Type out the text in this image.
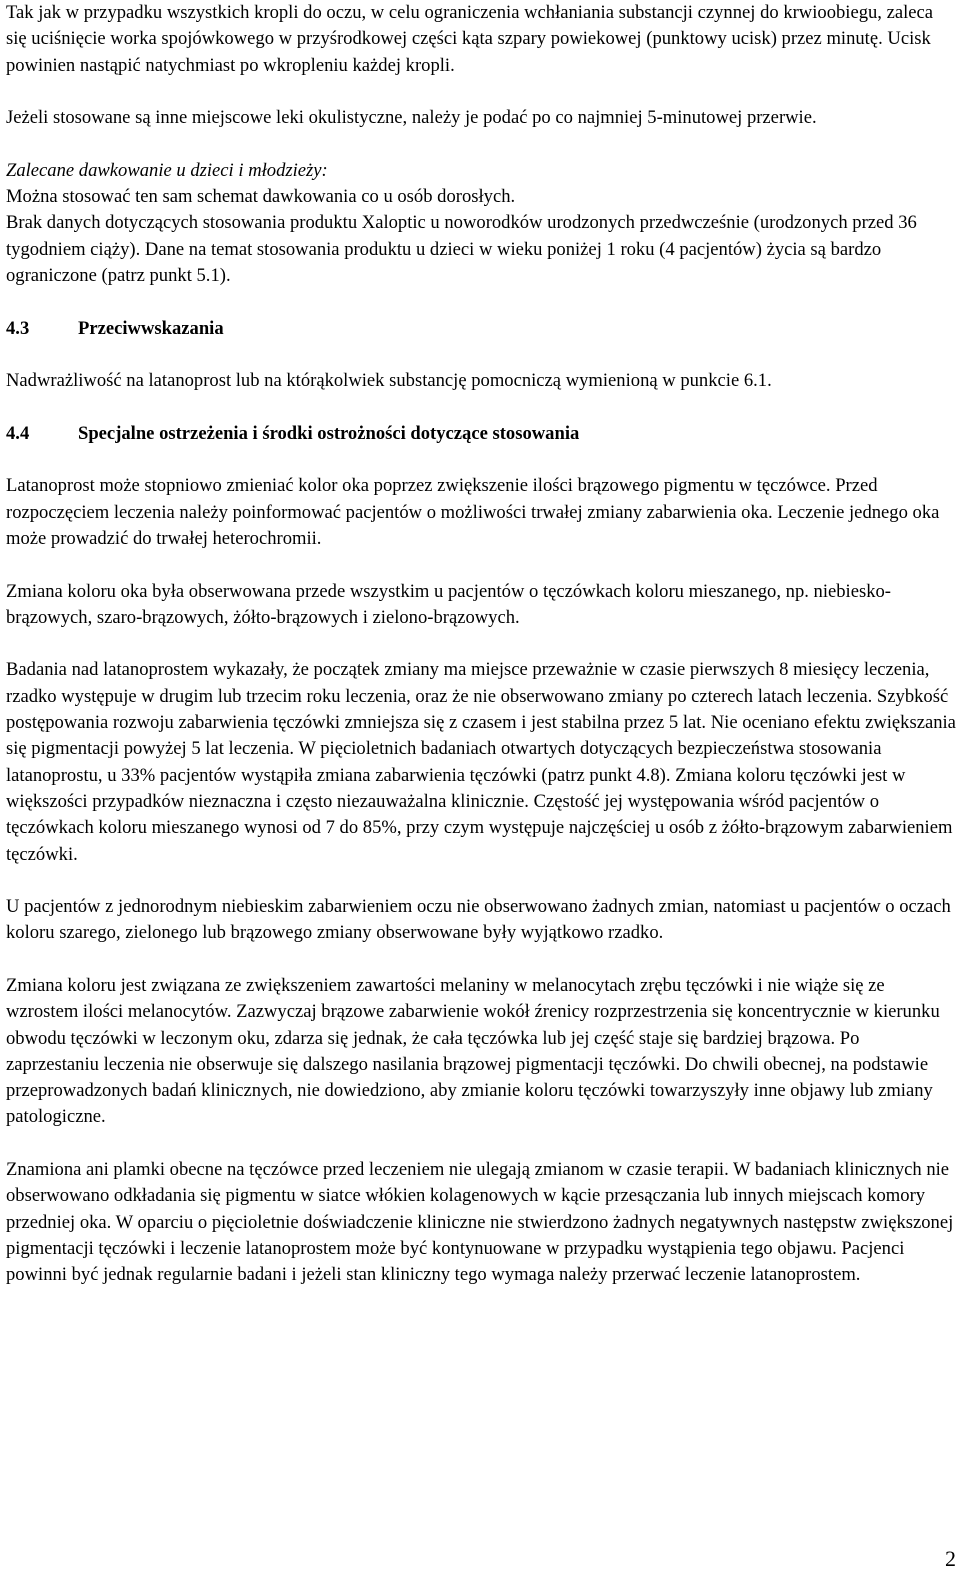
Tak jak w przypadku wszystkich kropli do oczu, w celu ograniczenia wchłaniania substancji czynnej do krwioobiegu, zaleca się uciśnięcie worka spojówkowego w przyśrodkowej części kąta szpary powiekowej (punktowy ucisk) przez minutę. Ucisk powinien nastąpić natychmiast po wkropleniu każdej kropli.

Jeżeli stosowane są inne miejscowe leki okulistyczne, należy je podać po co najmniej 5-minutowej przerwie.

Zalecane dawkowanie u dzieci i młodzieży:

Można stosować ten sam schemat dawkowania co u osób dorosłych.

Brak danych dotyczących stosowania produktu Xaloptic u noworodków urodzonych przedwcześnie (urodzonych przed 36 tygodniem ciąży). Dane na temat stosowania produktu u dzieci w wieku poniżej 1 roku (4 pacjentów) życia są bardzo ograniczone (patrz punkt 5.1).

4.3	Przeciwwskazania

Nadwrażliwość na latanoprost lub na którąkolwiek substancję pomocniczą wymienioną w punkcie 6.1.

4.4	Specjalne ostrzeżenia i środki ostrożności dotyczące stosowania

Latanoprost może stopniowo zmieniać kolor oka poprzez zwiększenie ilości brązowego pigmentu w tęczówce. Przed rozpoczęciem leczenia należy poinformować pacjentów o możliwości trwałej zmiany zabarwienia oka. Leczenie jednego oka może prowadzić do trwałej heterochromii.

Zmiana koloru oka była obserwowana przede wszystkim u pacjentów o tęczówkach koloru mieszanego, np. niebiesko-brązowych, szaro-brązowych, żółto-brązowych i zielono-brązowych.

Badania nad latanoprostem wykazały, że początek zmiany ma miejsce przeważnie w czasie pierwszych 8 miesięcy leczenia, rzadko występuje w drugim lub trzecim roku leczenia, oraz że nie obserwowano zmiany po czterech latach leczenia. Szybkość postępowania rozwoju zabarwienia tęczówki zmniejsza się z czasem i jest stabilna przez 5 lat. Nie oceniano efektu zwiększania się pigmentacji powyżej 5 lat leczenia. W pięcioletnich badaniach otwartych dotyczących bezpieczeństwa stosowania latanoprostu, u 33% pacjentów wystąpiła zmiana zabarwienia tęczówki (patrz punkt 4.8). Zmiana koloru tęczówki jest w większości przypadków nieznaczna i często niezauważalna klinicznie. Częstość jej występowania wśród pacjentów o tęczówkach koloru mieszanego wynosi od 7 do 85%, przy czym występuje najczęściej u osób z żółto-brązowym zabarwieniem tęczówki.

U pacjentów z jednorodnym niebieskim zabarwieniem oczu nie obserwowano żadnych zmian, natomiast u pacjentów o oczach koloru szarego, zielonego lub brązowego zmiany obserwowane były wyjątkowo rzadko.

Zmiana koloru jest związana ze zwiększeniem zawartości melaniny w melanocytach zrębu tęczówki i nie wiąże się ze wzrostem ilości melanocytów. Zazwyczaj brązowe zabarwienie wokół źrenicy rozprzestrzenia się koncentrycznie w kierunku obwodu tęczówki w leczonym oku, zdarza się jednak, że cała tęczówka lub jej część staje się bardziej brązowa. Po zaprzestaniu leczenia nie obserwuje się dalszego nasilania brązowej pigmentacji tęczówki. Do chwili obecnej, na podstawie przeprowadzonych badań klinicznych, nie dowiedziono, aby zmianie koloru tęczówki towarzyszyły inne objawy lub zmiany patologiczne.

Znamiona ani plamki obecne na tęczówce przed leczeniem nie ulegają zmianom w czasie terapii. W badaniach klinicznych nie obserwowano odkładania się pigmentu w siatce włókien kolagenowych w kącie przesączania lub innych miejscach komory przedniej oka. W oparciu o pięcioletnie doświadczenie kliniczne nie stwierdzono żadnych negatywnych następstw zwiększonej pigmentacji tęczówki i leczenie latanoprostem może być kontynuowane w przypadku wystąpienia tego objawu. Pacjenci powinni być jednak regularnie badani i jeżeli stan kliniczny tego wymaga należy przerwać leczenie latanoprostem.

2
